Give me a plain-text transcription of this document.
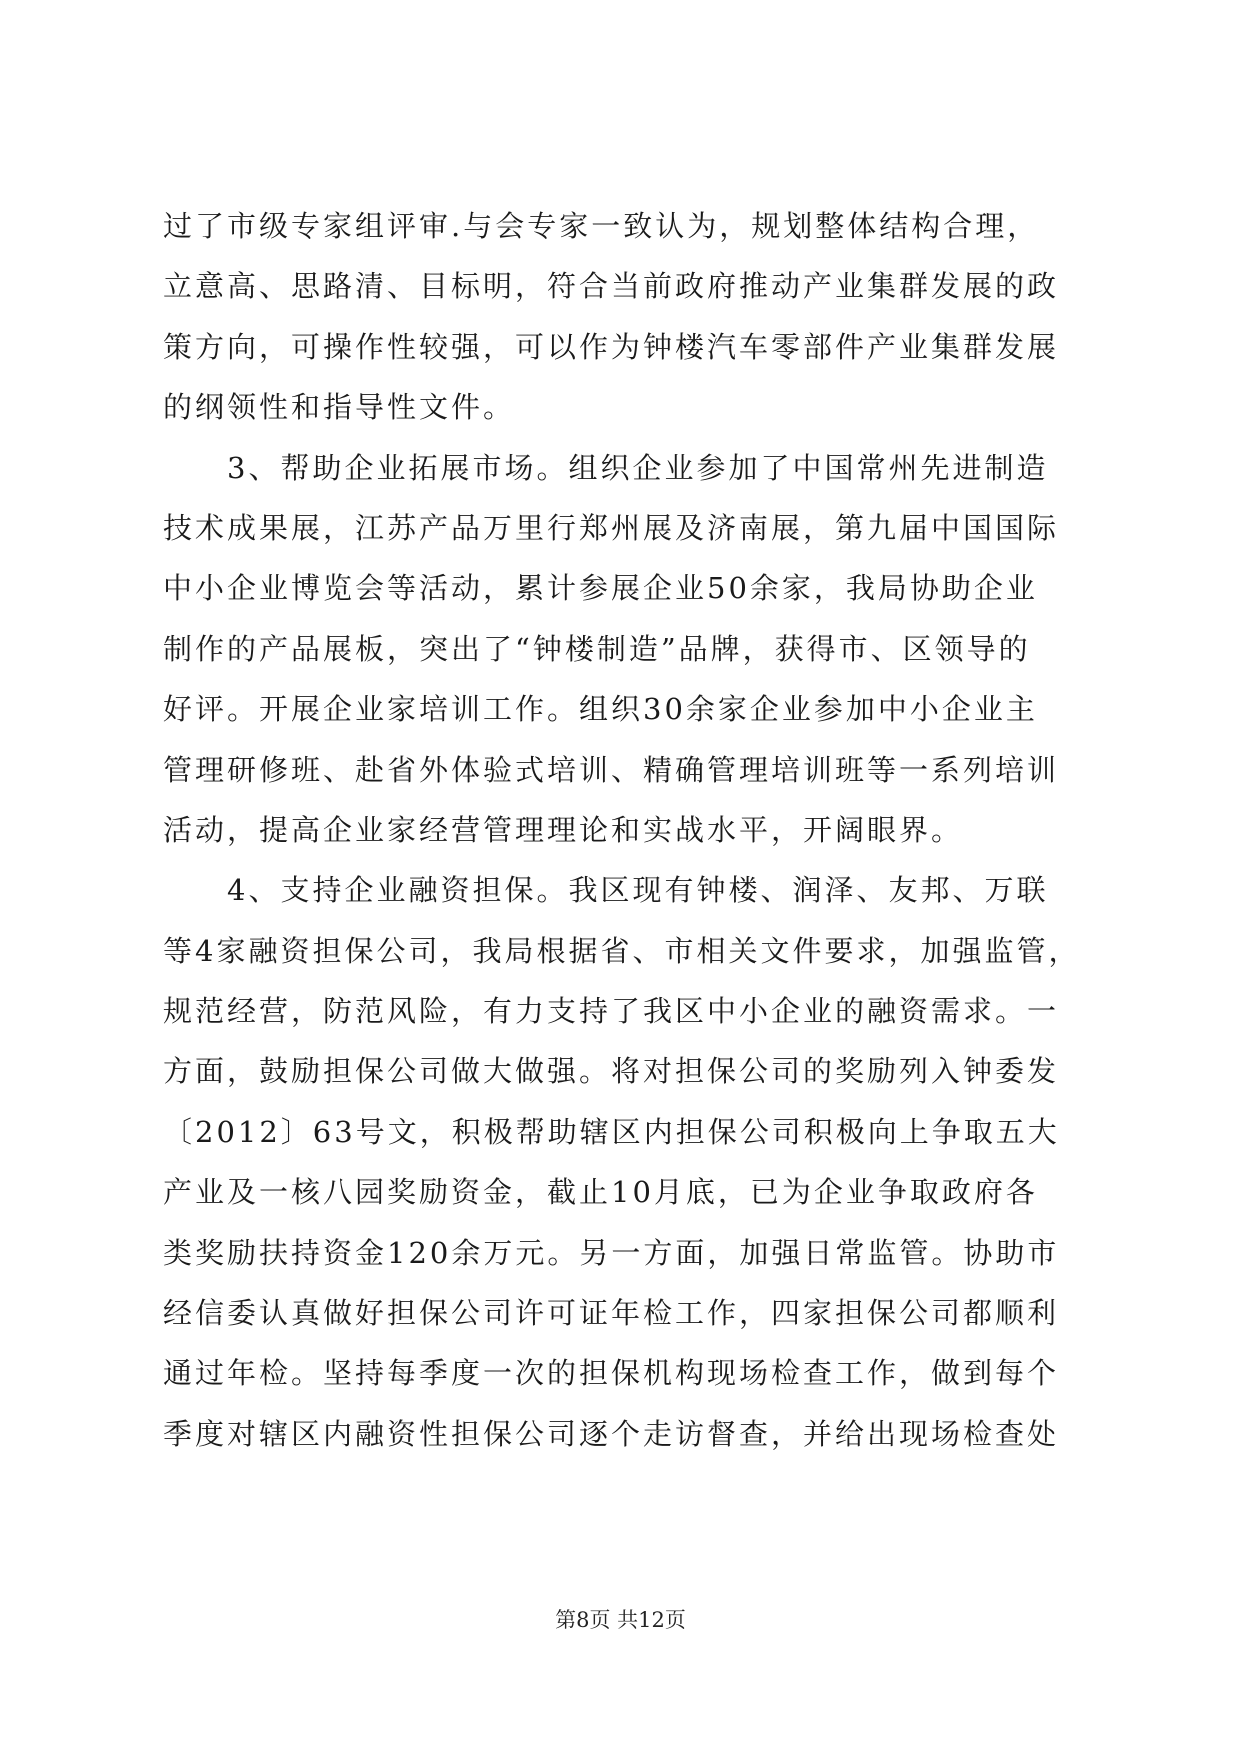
过了市级专家组评审.与会专家一致认为，规划整体结构合理，
立意高、思路清、目标明，符合当前政府推动产业集群发展的政
策方向，可操作性较强，可以作为钟楼汽车零部件产业集群发展
的纲领性和指导性文件。
　　3、帮助企业拓展市场。组织企业参加了中国常州先进制造
技术成果展，江苏产品万里行郑州展及济南展，第九届中国国际
中小企业博览会等活动，累计参展企业50余家，我局协助企业
制作的产品展板，突出了“钟楼制造”品牌，获得市、区领导的
好评。开展企业家培训工作。组织30余家企业参加中小企业主
管理研修班、赴省外体验式培训、精确管理培训班等一系列培训
活动，提高企业家经营管理理论和实战水平，开阔眼界。
　　4、支持企业融资担保。我区现有钟楼、润泽、友邦、万联
等4家融资担保公司，我局根据省、市相关文件要求，加强监管，
规范经营，防范风险，有力支持了我区中小企业的融资需求。一
方面，鼓励担保公司做大做强。将对担保公司的奖励列入钟委发
〔2012〕63号文，积极帮助辖区内担保公司积极向上争取五大
产业及一核八园奖励资金，截止10月底，已为企业争取政府各
类奖励扶持资金120余万元。另一方面，加强日常监管。协助市
经信委认真做好担保公司许可证年检工作，四家担保公司都顺利
通过年检。坚持每季度一次的担保机构现场检查工作，做到每个
季度对辖区内融资性担保公司逐个走访督查，并给出现场检查处
第8页 共12页
